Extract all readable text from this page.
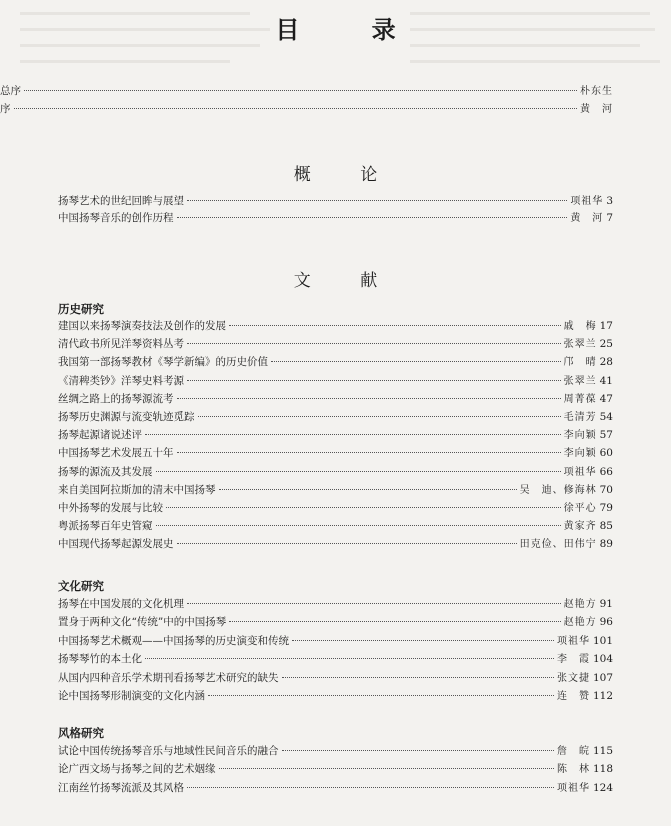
目 录
总序	朴东生
序	黄　河
概 论
扬琴艺术的世纪回眸与展望	项祖华 3
中国扬琴音乐的创作历程	黄　河 7
文 献
历史研究
建国以来扬琴演奏技法及创作的发展	戚　梅 17
清代政书所见洋琴资料丛考	张翠兰 25
我国第一部扬琴教材《琴学新编》的历史价值	邝　晴 28
《清稗类钞》洋琴史料考源	张翠兰 41
丝绸之路上的扬琴源流考	周菁葆 47
扬琴历史渊源与流变轨迹觅踪	毛清芳 54
扬琴起源诸说述评	李向颖 57
中国扬琴艺术发展五十年	李向颖 60
扬琴的源流及其发展	项祖华 66
来自美国阿拉斯加的清末中国扬琴	吴　迪、修海林 70
中外扬琴的发展与比较	徐平心 79
粤派扬琴百年史管窥	黄家齐 85
中国现代扬琴起源发展史	田克俭、田伟宁 89
文化研究
扬琴在中国发展的文化机理	赵艳方 91
置身于两种文化“传统”中的中国扬琴	赵艳方 96
中国扬琴艺术概观——中国扬琴的历史演变和传统	项祖华 101
扬琴琴竹的本土化	李　霞 104
从国内四种音乐学术期刊看扬琴艺术研究的缺失	张文捷 107
论中国扬琴形制演变的文化内涵	连　赞 112
风格研究
试论中国传统扬琴音乐与地域性民间音乐的融合	詹　皖 115
论广西文场与扬琴之间的艺术姻缘	陈　林 118
江南丝竹扬琴流派及其风格	项祖华 124
